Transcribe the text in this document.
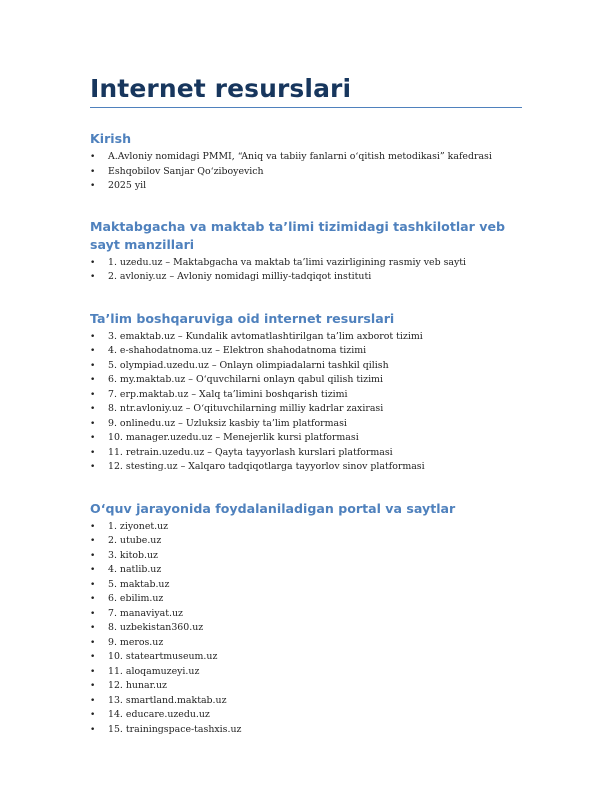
Internet resurslari
Kirish
• A.Avloniy nomidagi PMMI, “Aniq va tabiiy fanlarni o‘qitish metodikasi” kafedrasi
• Eshqobilov Sanjar Qo‘ziboyevich
• 2025 yil
Maktabgacha va maktab ta’limi tizimidagi tashkilotlar veb sayt manzillari
• 1. uzedu.uz – Maktabgacha va maktab ta’limi vazirligining rasmiy veb sayti
• 2. avloniy.uz – Avloniy nomidagi milliy-tadqiqot instituti
Ta’lim boshqaruviga oid internet resurslari
• 3. emaktab.uz – Kundalik avtomatlashtirilgan ta’lim axborot tizimi
• 4. e-shahodatnoma.uz – Elektron shahodatnoma tizimi
• 5. olympiad.uzedu.uz – Onlayn olimpiadalarni tashkil qilish
• 6. my.maktab.uz – O‘quvchilarni onlayn qabul qilish tizimi
• 7. erp.maktab.uz – Xalq ta’limini boshqarish tizimi
• 8. ntr.avloniy.uz – O‘qituvchilarning milliy kadrlar zaxirasi
• 9. onlinedu.uz – Uzluksiz kasbiy ta’lim platformasi
• 10. manager.uzedu.uz – Menejerlik kursi platformasi
• 11. retrain.uzedu.uz – Qayta tayyorlash kurslari platformasi
• 12. stesting.uz – Xalqaro tadqiqotlarga tayyorlov sinov platformasi
O‘quv jarayonida foydalaniladigan portal va saytlar
• 1. ziyonet.uz
• 2. utube.uz
• 3. kitob.uz
• 4. natlib.uz
• 5. maktab.uz
• 6. ebilim.uz
• 7. manaviyat.uz
• 8. uzbekistan360.uz
• 9. meros.uz
• 10. stateartmuseum.uz
• 11. aloqamuzeyi.uz
• 12. hunar.uz
• 13. smartland.maktab.uz
• 14. educare.uzedu.uz
• 15. trainingspace-tashxis.uz
